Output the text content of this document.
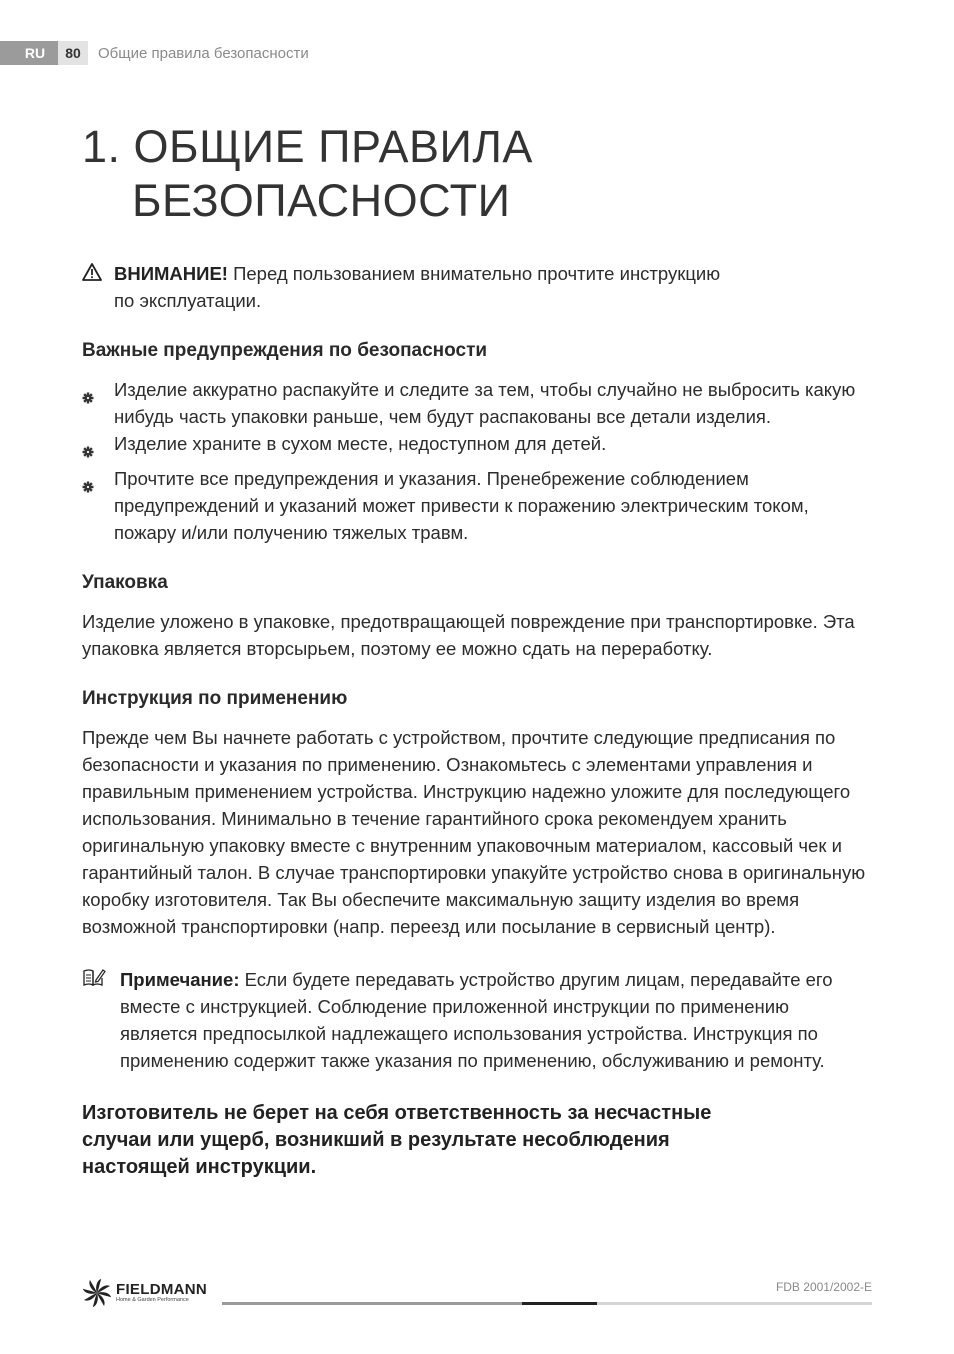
RU	80	Общие правила безопасности
1. ОБЩИЕ ПРАВИЛА
БЕЗОПАСНОСТИ

ВНИМАНИЕ! Перед пользованием внимательно прочтите инструкцию

по эксплуатации.

Важные предупреждения по безопасности
Изделие аккуратно распакуйте и следите за тем, чтобы случайно не выбросить какую
нибудь часть упаковки раньше, чем будут распакованы все детали изделия.
Изделие храните в сухом месте, недоступном для детей.
Прочтите все предупреждения и указания. Пренебрежение соблюдением
предупреждений и указаний может привести к поражению электрическим током,
пожару и/или получению тяжелых травм.
Упаковка

Изделие уложено в упаковке, предотвращающей повреждение при транспортировке. Эта

упаковка является вторсырьем, поэтому ее можно сдать на переработку.

Инструкция по применению

Прежде чем Вы начнете работать с устройством, прочтите следующие предписания по

безопасности и указания по применению. Ознакомьтесь с элементами управления и

правильным применением устройства. Инструкцию надежно уложите для последующего

использования. Минимально в течение гарантийного срока рекомендуем хранить

оригинальную упаковку вместе с внутренним упаковочным материалом, кассовый чек и

гарантийный талон. В случае транспортировки упакуйте устройство снова в оригинальную

коробку изготовителя. Так Вы обеспечите максимальную защиту изделия во время

возможной транспортировки (напр. переезд или посылание в сервисный центр).

Примечание: Если будете передавать устройство другим лицам, передавайте его

вместе с инструкцией. Соблюдение приложенной инструкции по применению

является предпосылкой надлежащего использования устройства. Инструкция по

применению содержит также указания по применению, обслуживанию и ремонту.

Изготовитель не берет на себя ответственность за несчастные

случаи или ущерб, возникший в результате несоблюдения

настоящей инструкции.

FIELDMANN
Home & Garden Performance
FDB 2001/2002-E
